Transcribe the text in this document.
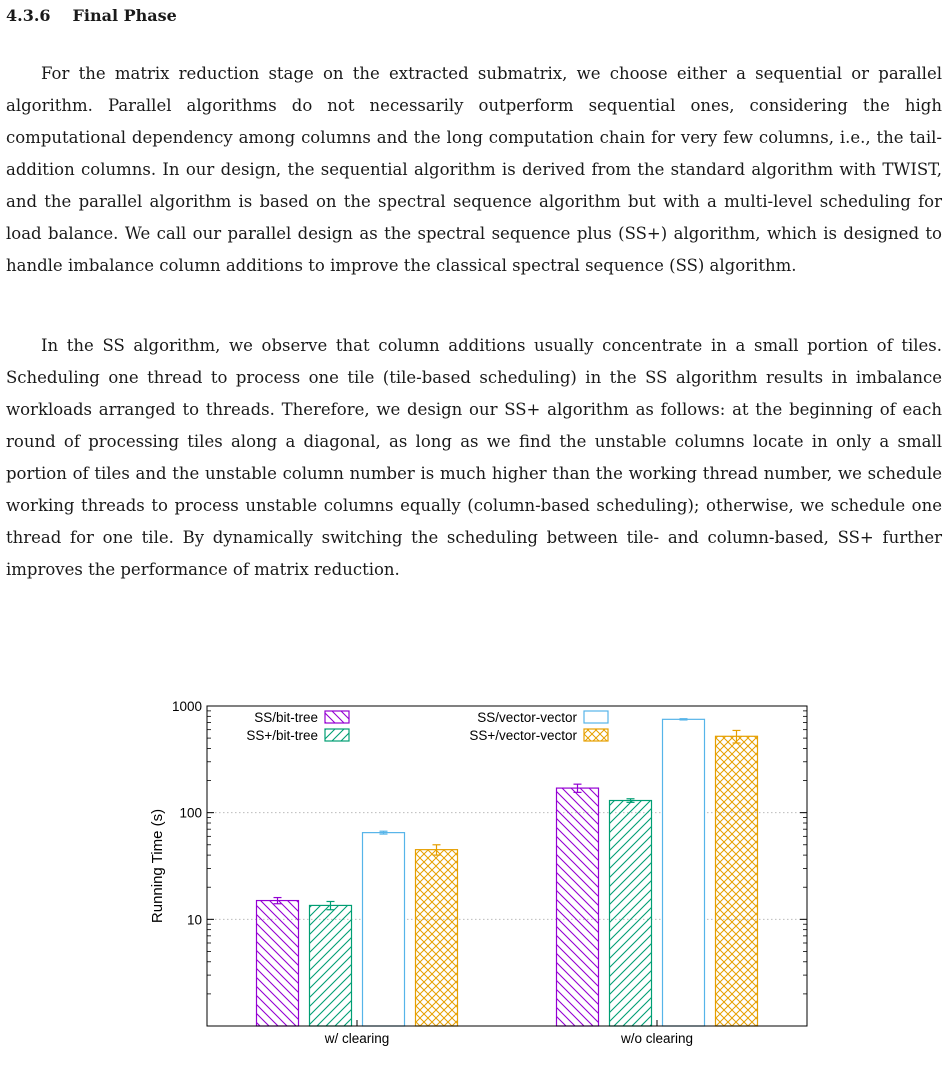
4.3.6 Final Phase

For the matrix reduction stage on the extracted submatrix, we choose either a sequential or parallel algorithm. Parallel algorithms do not necessarily outperform sequential ones, considering the high computational dependency among columns and the long computation chain for very few columns, i.e., the tail-addition columns. In our design, the sequential algorithm is derived from the standard algorithm with TWIST, and the parallel algorithm is based on the spectral sequence algorithm but with a multi-level scheduling for load balance. We call our parallel design as the spectral sequence plus (SS+) algorithm, which is designed to handle imbalance column additions to improve the classical spectral sequence (SS) algorithm.

In the SS algorithm, we observe that column additions usually concentrate in a small portion of tiles. Scheduling one thread to process one tile (tile-based scheduling) in the SS algorithm results in imbalance workloads arranged to threads. Therefore, we design our SS+ algorithm as follows: at the beginning of each round of processing tiles along a diagonal, as long as we find the unstable columns locate in only a small portion of tiles and the unstable column number is much higher than the working thread number, we schedule working threads to process unstable columns equally (column-based scheduling); otherwise, we schedule one thread for one tile. By dynamically switching the scheduling between tile- and column-based, SS+ further improves the performance of matrix reduction.

10
100
1000
w/ clearing	w/o clearing
SS/bit-tree
SS+/bit-tree
SS/vector-vector
SS+/vector-vector
Running Time (s)
